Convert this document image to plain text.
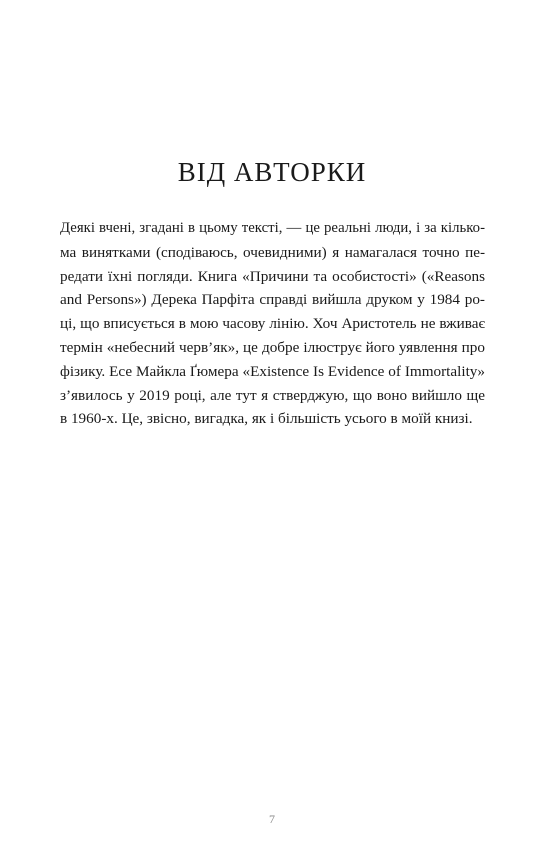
ВІД АВТОРКИ
Деякі вчені, згадані в цьому тексті, — це реальні люди, і за кілько-
ма винятками (сподіваюсь, очевидними) я намагалася точно пе-
редати їхні погляди. Книга «Причини та особистості» («Reasons
and Persons») Дерека Парфіта справді вийшла друком у 1984 ро-
ці, що вписується в мою часову лінію. Хоч Аристотель не вживає
термін «небесний черв’як», це добре ілюструє його уявлення про
фізику. Есе Майкла Ґюмера «Existence Is Evidence of Immortality»
з’явилось у 2019 році, але тут я стверджую, що воно вийшло ще
в 1960-х. Це, звісно, вигадка, як і більшість усього в моїй книзі.
7
